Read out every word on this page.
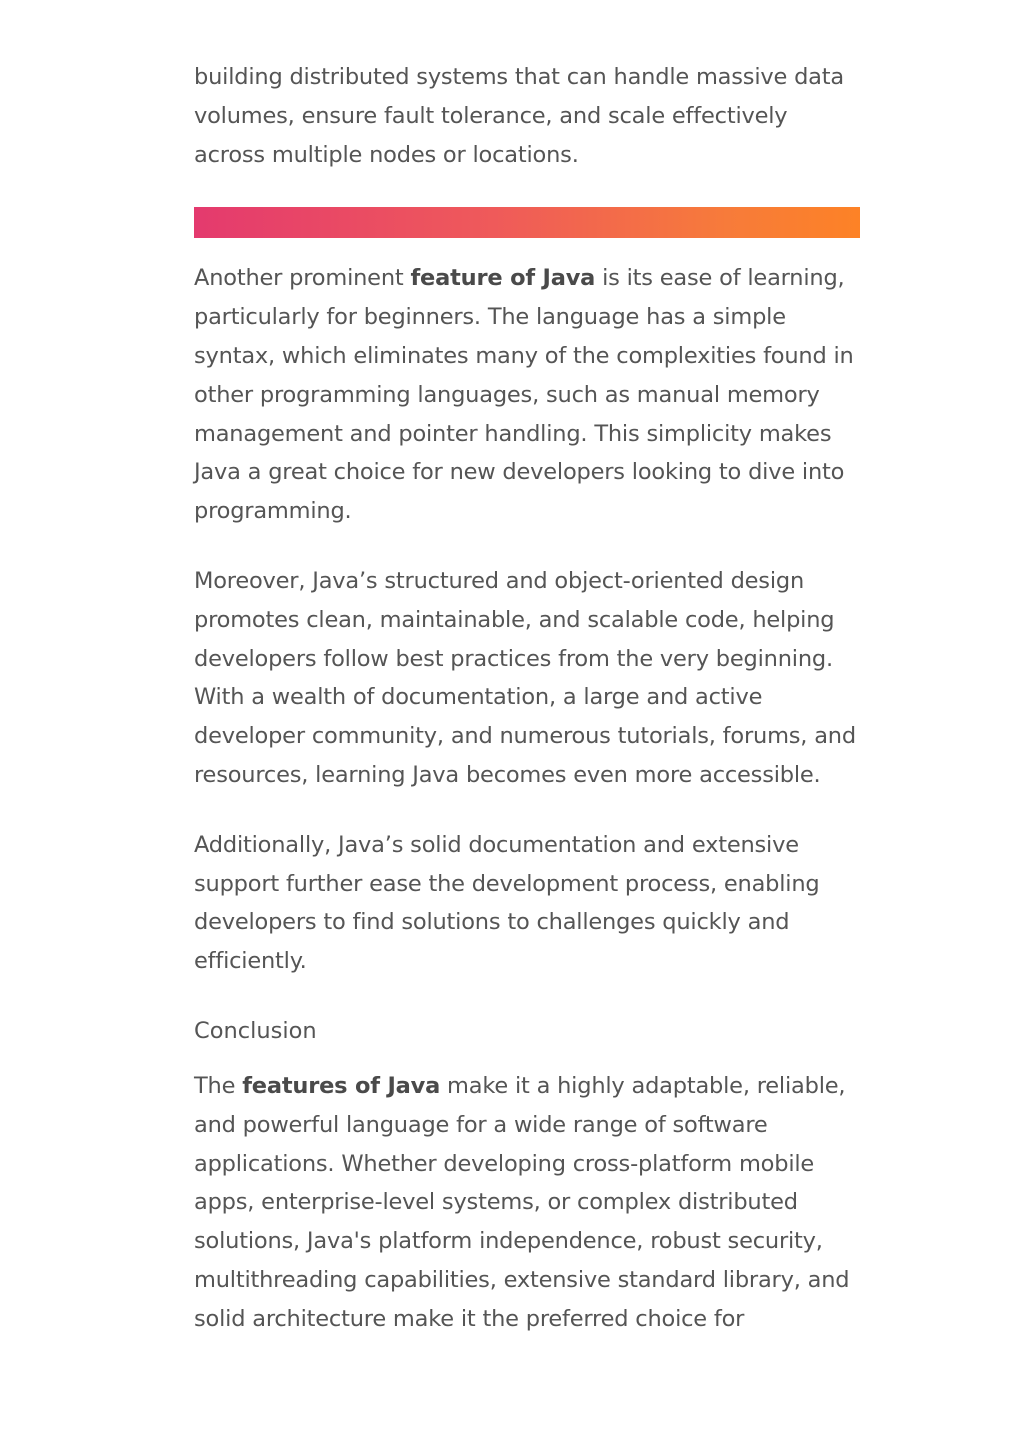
building distributed systems that can handle massive data volumes, ensure fault tolerance, and scale effectively across multiple nodes or locations.

Another prominent feature of Java is its ease of learning, particularly for beginners. The language has a simple syntax, which eliminates many of the complexities found in other programming languages, such as manual memory management and pointer handling. This simplicity makes Java a great choice for new developers looking to dive into programming.

Moreover, Java’s structured and object-oriented design promotes clean, maintainable, and scalable code, helping developers follow best practices from the very beginning. With a wealth of documentation, a large and active developer community, and numerous tutorials, forums, and resources, learning Java becomes even more accessible.

Additionally, Java’s solid documentation and extensive support further ease the development process, enabling developers to find solutions to challenges quickly and efficiently.

Conclusion

The features of Java make it a highly adaptable, reliable, and powerful language for a wide range of software applications. Whether developing cross-platform mobile apps, enterprise-level systems, or complex distributed solutions, Java's platform independence, robust security, multithreading capabilities, extensive standard library, and solid architecture make it the preferred choice for
